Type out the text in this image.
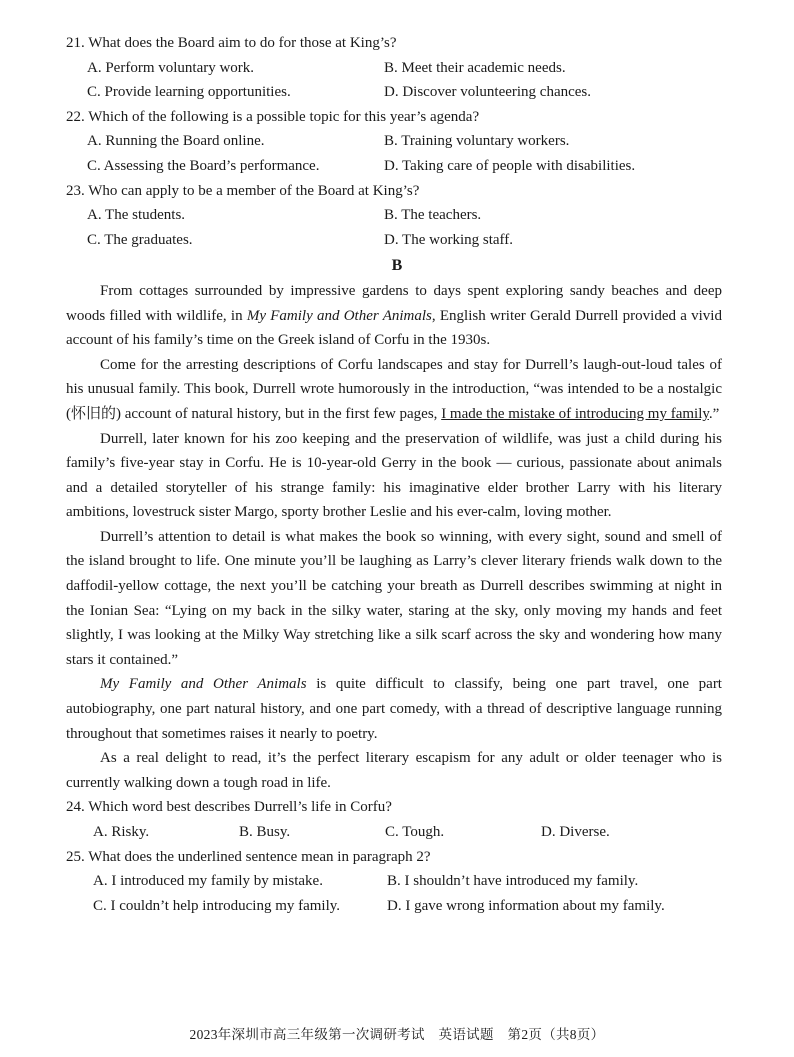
21. What does the Board aim to do for those at King’s?
A. Perform voluntary work.	B. Meet their academic needs.
C. Provide learning opportunities.	D. Discover volunteering chances.
22. Which of the following is a possible topic for this year’s agenda?
A. Running the Board online.	B. Training voluntary workers.
C. Assessing the Board’s performance.	D. Taking care of people with disabilities.
23. Who can apply to be a member of the Board at King’s?
A. The students.	B. The teachers.
C. The graduates.	D. The working staff.
B

From cottages surrounded by impressive gardens to days spent exploring sandy beaches and deep woods filled with wildlife, in My Family and Other Animals, English writer Gerald Durrell provided a vivid account of his family’s time on the Greek island of Corfu in the 1930s.

Come for the arresting descriptions of Corfu landscapes and stay for Durrell’s laugh-out-loud tales of his unusual family. This book, Durrell wrote humorously in the introduction, “was intended to be a nostalgic (怀旧的) account of natural history, but in the first few pages, I made the mistake of introducing my family.”

Durrell, later known for his zoo keeping and the preservation of wildlife, was just a child during his family’s five-year stay in Corfu. He is 10-year-old Gerry in the book — curious, passionate about animals and a detailed storyteller of his strange family: his imaginative elder brother Larry with his literary ambitions, lovestruck sister Margo, sporty brother Leslie and his ever-calm, loving mother.

Durrell’s attention to detail is what makes the book so winning, with every sight, sound and smell of the island brought to life. One minute you’ll be laughing as Larry’s clever literary friends walk down to the daffodil-yellow cottage, the next you’ll be catching your breath as Durrell describes swimming at night in the Ionian Sea: “Lying on my back in the silky water, staring at the sky, only moving my hands and feet slightly, I was looking at the Milky Way stretching like a silk scarf across the sky and wondering how many stars it contained.”

My Family and Other Animals is quite difficult to classify, being one part travel, one part autobiography, one part natural history, and one part comedy, with a thread of descriptive language running throughout that sometimes raises it nearly to poetry.

As a real delight to read, it’s the perfect literary escapism for any adult or older teenager who is currently walking down a tough road in life.

24. Which word best describes Durrell’s life in Corfu?
A. Risky.	B. Busy.	C. Tough.	D. Diverse.
25. What does the underlined sentence mean in paragraph 2?
A. I introduced my family by mistake.	B. I shouldn’t have introduced my family.
C. I couldn’t help introducing my family.	D. I gave wrong information about my family.
2023年深圳市高三年级第一次调研考试　英语试题　第2页（共8页）
